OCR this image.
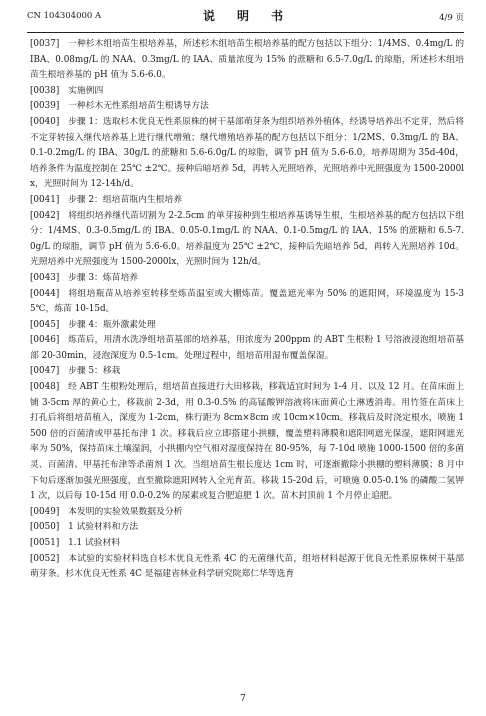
CN 104304000 A	说　明　书	4/9 页

[0037]  一种杉木组培苗生根培养基，所述杉木组培苗生根培养基的配方包括以下组分：1/4MS、0.4mg/L 的 IBA、0.08mg/L 的 NAA、0.3mg/L 的 IAA、质量浓度为 15% 的蔗糖和 6.5-7.0g/L 的琼脂，所述杉木组培苗生根培养基的 pH 值为 5.6-6.0。

[0038]  实施例四

[0039]  一种杉木无性系组培苗生根诱导方法

[0040]  步骤 1：选取杉木优良无性系原株的树干基部萌芽条为组织培养外植体，经诱导培养出不定芽，然后将不定芽转接入继代培养基上进行继代增殖；继代增殖培养基的配方包括以下组分：1/2MS、0.3mg/L 的 BA、0.1-0.2mg/L 的 IBA、30g/L 的蔗糖和 5.6-6.0g/L 的琼脂，调节 pH 值为 5.6-6.0，培养周期为 35d-40d，培养条件为温度控制在 25℃ ±2℃。接种后暗培养 5d，再转入光照培养，光照培养中光照强度为 1500-2000lx，光照时间为 12-14h/d。

[0041]  步骤 2：组培苗瓶内生根培养

[0042]  将组织培养继代苗切割为 2-2.5cm 的单芽接种到生根培养基诱导生根，生根培养基的配方包括以下组分：1/4MS、0.3-0.5mg/L 的 IBA、0.05-0.1mg/L 的 NAA、0.1-0.5mg/L 的 IAA、15% 的蔗糖和 6.5-7.0g/L 的琼脂，调节 pH 值为 5.6-6.0。培养温度为 25℃ ±2℃，接种后先暗培养 5d，再转入光照培养 10d。光照培养中光照强度为 1500-2000lx，光照时间为 12h/d。

[0043]  步骤 3：炼苗培养

[0044]  将组培瓶苗从培养室转移至炼苗温室或大棚炼苗。覆盖遮光率为 50% 的遮阳网，环境温度为 15-35℃，炼苗 10-15d。

[0045]  步骤 4：瓶外激素处理

[0046]  炼苗后，用清水洗净组培苗基部的培养基，用浓度为 200ppm 的 ABT 生根粉 1 号溶液浸泡组培苗基部 20-30min，浸泡深度为 0.5-1cm。处理过程中，组培苗用湿布覆盖保湿。

[0047]  步骤 5：移栽

[0048]  经 ABT 生根粉处理后，组培苗直接进行大田移栽，移栽适宜时间为 1-4 月、以及 12 月。在苗床面上铺 3-5cm 厚的黄心土，移栽前 2-3d，用 0.3-0.5% 的高锰酸钾溶液将床面黄心土淋透消毒。用竹签在苗床上打孔后将组培苗植入，深度为 1-2cm，株行距为 8cm×8cm 或 10cm×10cm。移栽后及时浇定根水，喷施 1500 倍的百菌清或甲基托布津 1 次。移栽后应立即搭建小拱棚，覆盖塑料薄膜和遮阳网遮光保湿，遮阳网遮光率为 50%，保持苗床土壤湿润，小拱棚内空气相对湿度保持在 80-95%，每 7-10d 喷施 1000-1500 倍的多菌灵、百菌清、甲基托布津等杀菌剂 1 次。当组培苗生根长度达 1cm 时，可逐渐撤除小拱棚的塑料薄膜；8 月中下旬后逐渐加强光照强度，直至撤除遮阳网转入全光育苗。移栽 15-20d 后，可喷施 0.05-0.1% 的磷酸二氢钾 1 次，以后每 10-15d 用 0.0-0.2% 的尿素或复合肥追肥 1 次。苗木封顶前 1 个月停止追肥。

[0049]  本发明的实验效果数据及分析

[0050]  1 试验材料和方法

[0051]  1.1 试验材料

[0052]  本试验的实验材料选自杉木优良无性系 4C 的无菌继代苗，组培材料起源于优良无性系原株树干基部萌芽条。杉木优良无性系 4C 是福建省林业科学研究院郑仁华等选育

7
